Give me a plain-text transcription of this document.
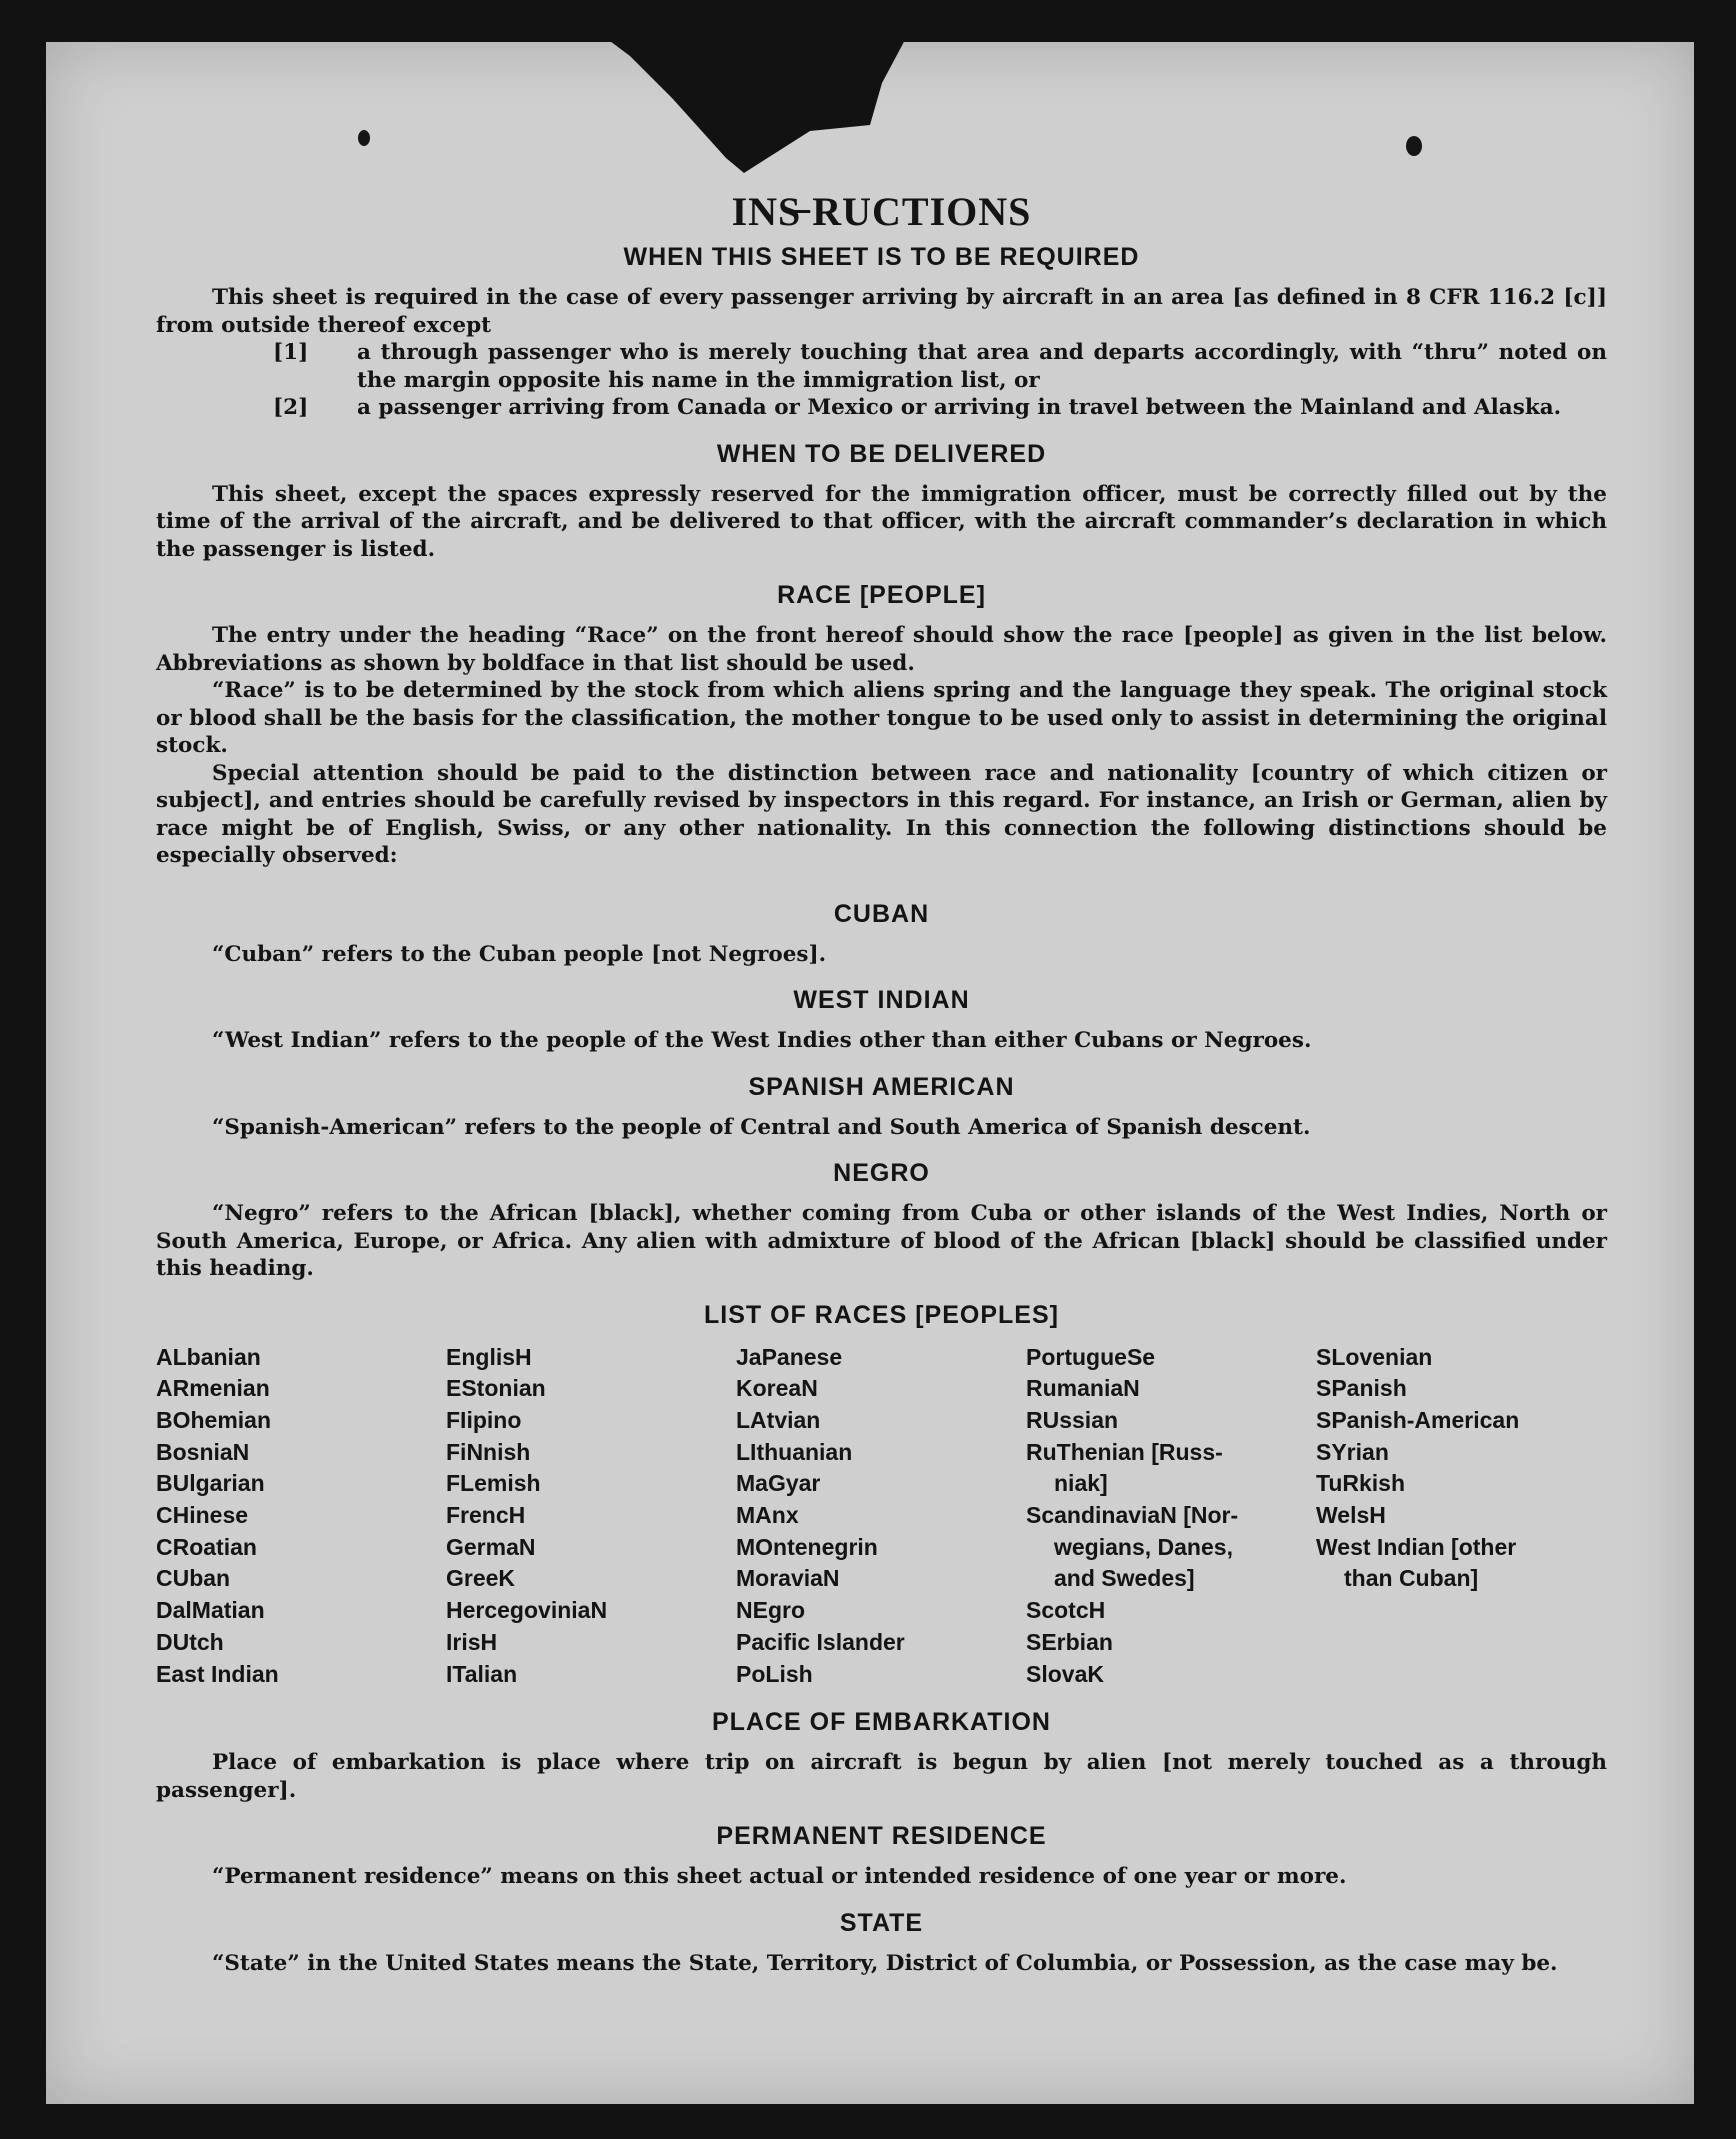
INS̶ RUCTIONS
WHEN THIS SHEET IS TO BE REQUIRED

This sheet is required in the case of every passenger arriving by aircraft in an area [as defined in 8 CFR 116.2 [c]] from outside thereof except

[1] a through passenger who is merely touching that area and departs accordingly, with “thru” noted on the margin opposite his name in the immigration list, or
[2] a passenger arriving from Canada or Mexico or arriving in travel between the Mainland and Alaska.
WHEN TO BE DELIVERED

This sheet, except the spaces expressly reserved for the immigration officer, must be correctly filled out by the time of the arrival of the aircraft, and be delivered to that officer, with the aircraft commander’s declaration in which the passenger is listed.

RACE [PEOPLE]

The entry under the heading “Race” on the front hereof should show the race [people] as given in the list below. Abbreviations as shown by boldface in that list should be used.

“Race” is to be determined by the stock from which aliens spring and the language they speak. The original stock or blood shall be the basis for the classification, the mother tongue to be used only to assist in determining the original stock.

Special attention should be paid to the distinction between race and nationality [country of which citizen or subject], and entries should be carefully revised by inspectors in this regard. For instance, an Irish or German, alien by race might be of English, Swiss, or any other nationality. In this connection the following distinctions should be especially observed:

CUBAN

“Cuban” refers to the Cuban people [not Negroes].

WEST INDIAN

“West Indian” refers to the people of the West Indies other than either Cubans or Negroes.

SPANISH AMERICAN

“Spanish-American” refers to the people of Central and South America of Spanish descent.

NEGRO

“Negro” refers to the African [black], whether coming from Cuba or other islands of the West Indies, North or South America, Europe, or Africa. Any alien with admixture of blood of the African [black] should be classified under this heading.

LIST OF RACES [PEOPLES]
ALbanian
ARmenian
BOhemian
BosniaN
BUlgarian
CHinese
CRoatian
CUban
DalMatian
DUtch
East Indian
EnglisH
EStonian
FIipino
FiNnish
FLemish
FrencH
GermaN
GreeK
HercegoviniaN
IrisH
ITalian
JaPanese
KoreaN
LAtvian
LIthuanian
MaGyar
MAnx
MOntenegrin
MoraviaN
NEgro
Pacific Islander
PoLish
PortugueSe
RumaniaN
RUssian
RuThenian [Russ-
niak]
ScandinaviaN [Nor-
wegians, Danes,
and Swedes]
ScotcH
SErbian
SlovaK
SLovenian
SPanish
SPanish-American
SYrian
TuRkish
WelsH
West Indian [other
than Cuban]
PLACE OF EMBARKATION

Place of embarkation is place where trip on aircraft is begun by alien [not merely touched as a through passenger].

PERMANENT RESIDENCE

“Permanent residence” means on this sheet actual or intended residence of one year or more.

STATE

“State” in the United States means the State, Territory, District of Columbia, or Possession, as the case may be.
